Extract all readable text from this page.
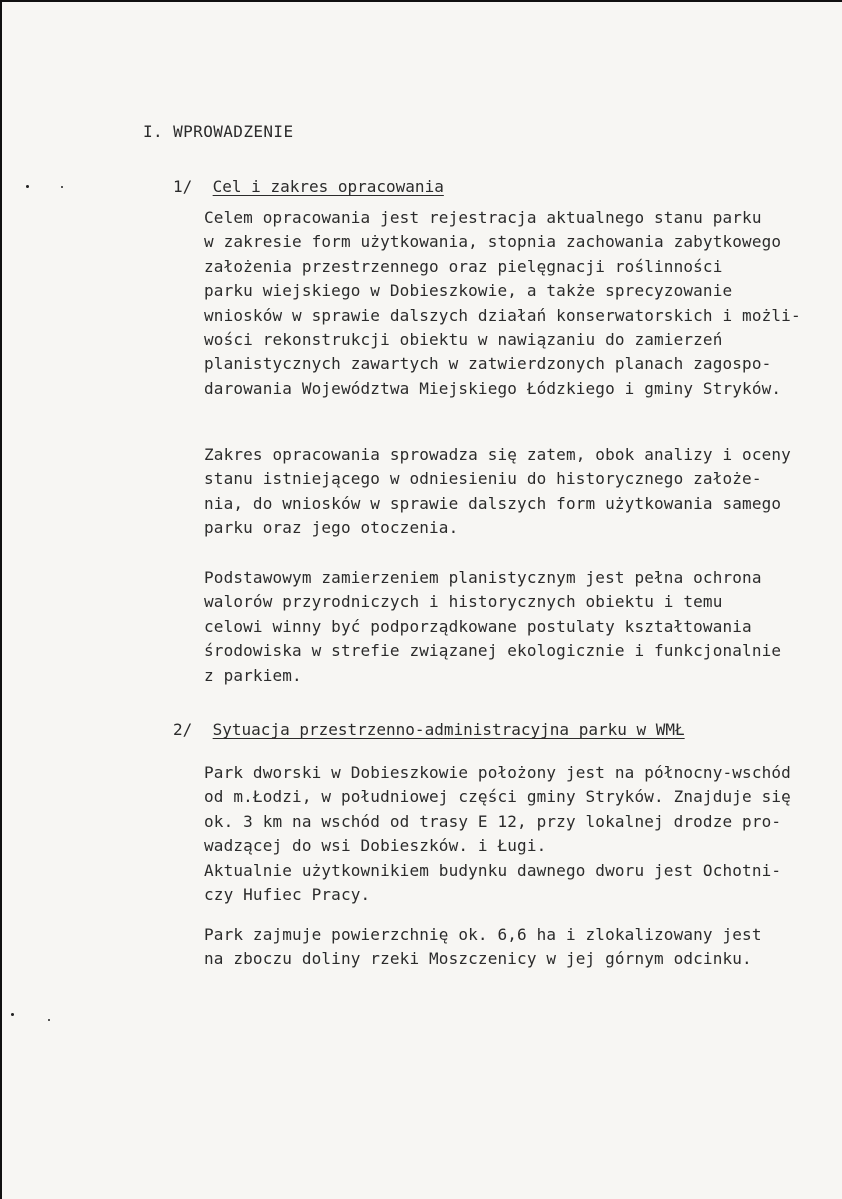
I. WPROWADZENIE
1/ Cel i zakres opracowania
Celem opracowania jest rejestracja aktualnego stanu parku
w zakresie form użytkowania, stopnia zachowania zabytkowego
założenia przestrzennego oraz pielęgnacji roślinności
parku wiejskiego w Dobieszkowie, a także sprecyzowanie
wniosków w sprawie dalszych działań konserwatorskich i możli-
wości rekonstrukcji obiektu w nawiązaniu do zamierzeń
planistycznych zawartych w zatwierdzonych planach zagospo-
darowania Województwa Miejskiego Łódzkiego i gminy Stryków.
Zakres opracowania sprowadza się zatem, obok analizy i oceny
stanu istniejącego w odniesieniu do historycznego założe-
nia, do wniosków w sprawie dalszych form użytkowania samego
parku oraz jego otoczenia.
Podstawowym zamierzeniem planistycznym jest pełna ochrona
walorów przyrodniczych i historycznych obiektu i temu
celowi winny być podporządkowane postulaty kształtowania
środowiska w strefie związanej ekologicznie i funkcjonalnie
z parkiem.
2/ Sytuacja przestrzenno-administracyjna parku w WMŁ
Park dworski w Dobieszkowie położony jest na północny-wschód
od m.Łodzi, w południowej części gminy Stryków. Znajduje się
ok. 3 km na wschód od trasy E 12, przy lokalnej drodze pro-
wadzącej do wsi Dobieszków. i Ługi.
Aktualnie użytkownikiem budynku dawnego dworu jest Ochotni-
czy Hufiec Pracy.
Park zajmuje powierzchnię ok. 6,6 ha i zlokalizowany jest
na zboczu doliny rzeki Moszczenicy w jej górnym odcinku.
